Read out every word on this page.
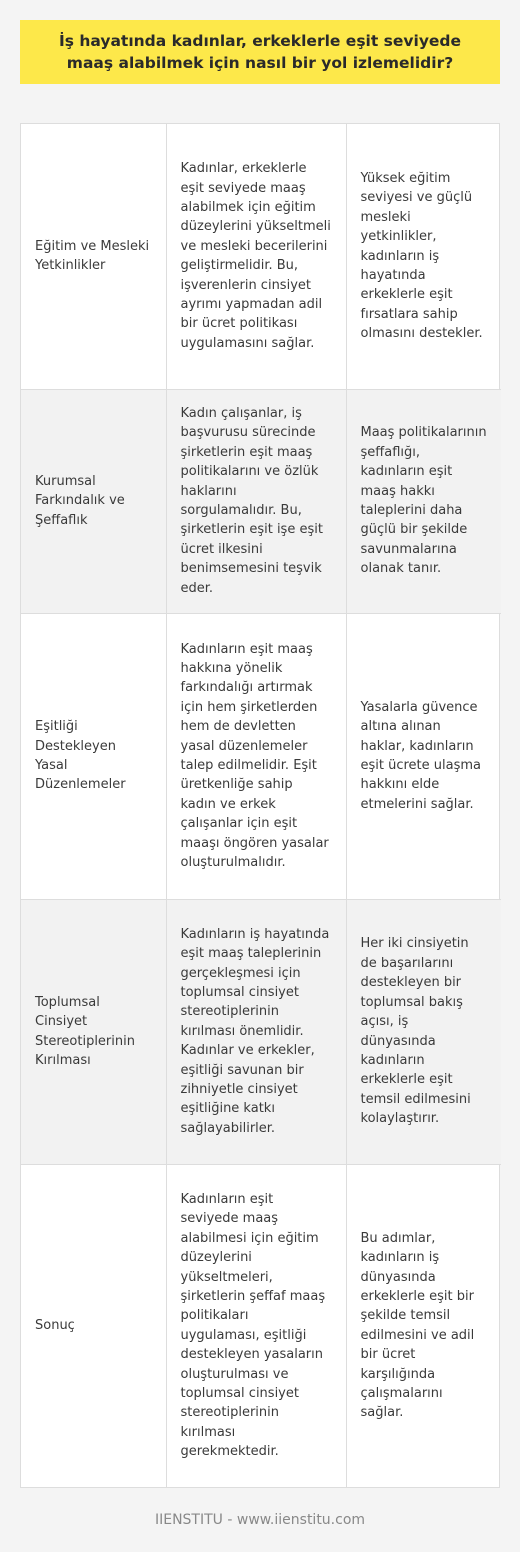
İş hayatında kadınlar, erkeklerle eşit seviyede maaş alabilmek için nasıl bir yol izlemelidir?
Eğitim ve Mesleki Yetkinlikler	Kadınlar, erkeklerle eşit seviyede maaş alabilmek için eğitim düzeylerini yükseltmeli ve mesleki becerilerini geliştirmelidir. Bu, işverenlerin cinsiyet ayrımı yapmadan adil bir ücret politikası uygulamasını sağlar.	Yüksek eğitim seviyesi ve güçlü mesleki yetkinlikler, kadınların iş hayatında erkeklerle eşit fırsatlara sahip olmasını destekler.
Kurumsal Farkındalık ve Şeffaflık	Kadın çalışanlar, iş başvurusu sürecinde şirketlerin eşit maaş politikalarını ve özlük haklarını sorgulamalıdır. Bu, şirketlerin eşit işe eşit ücret ilkesini benimsemesini teşvik eder.	Maaş politikalarının şeffaflığı, kadınların eşit maaş hakkı taleplerini daha güçlü bir şekilde savunmalarına olanak tanır.
Eşitliği Destekleyen Yasal Düzenlemeler	Kadınların eşit maaş hakkına yönelik farkındalığı artırmak için hem şirketlerden hem de devletten yasal düzenlemeler talep edilmelidir. Eşit üretkenliğe sahip kadın ve erkek çalışanlar için eşit maaşı öngören yasalar oluşturulmalıdır.	Yasalarla güvence altına alınan haklar, kadınların eşit ücrete ulaşma hakkını elde etmelerini sağlar.
Toplumsal Cinsiyet Stereotiplerinin Kırılması	Kadınların iş hayatında eşit maaş taleplerinin gerçekleşmesi için toplumsal cinsiyet stereotiplerinin kırılması önemlidir. Kadınlar ve erkekler, eşitliği savunan bir zihniyetle cinsiyet eşitliğine katkı sağlayabilirler.	Her iki cinsiyetin de başarılarını destekleyen bir toplumsal bakış açısı, iş dünyasında kadınların erkeklerle eşit temsil edilmesini kolaylaştırır.
Sonuç	Kadınların eşit seviyede maaş alabilmesi için eğitim düzeylerini yükseltmeleri, şirketlerin şeffaf maaş politikaları uygulaması, eşitliği destekleyen yasaların oluşturulması ve toplumsal cinsiyet stereotiplerinin kırılması gerekmektedir.	Bu adımlar, kadınların iş dünyasında erkeklerle eşit bir şekilde temsil edilmesini ve adil bir ücret karşılığında çalışmalarını sağlar.
IIENSTITU - www.iienstitu.com
